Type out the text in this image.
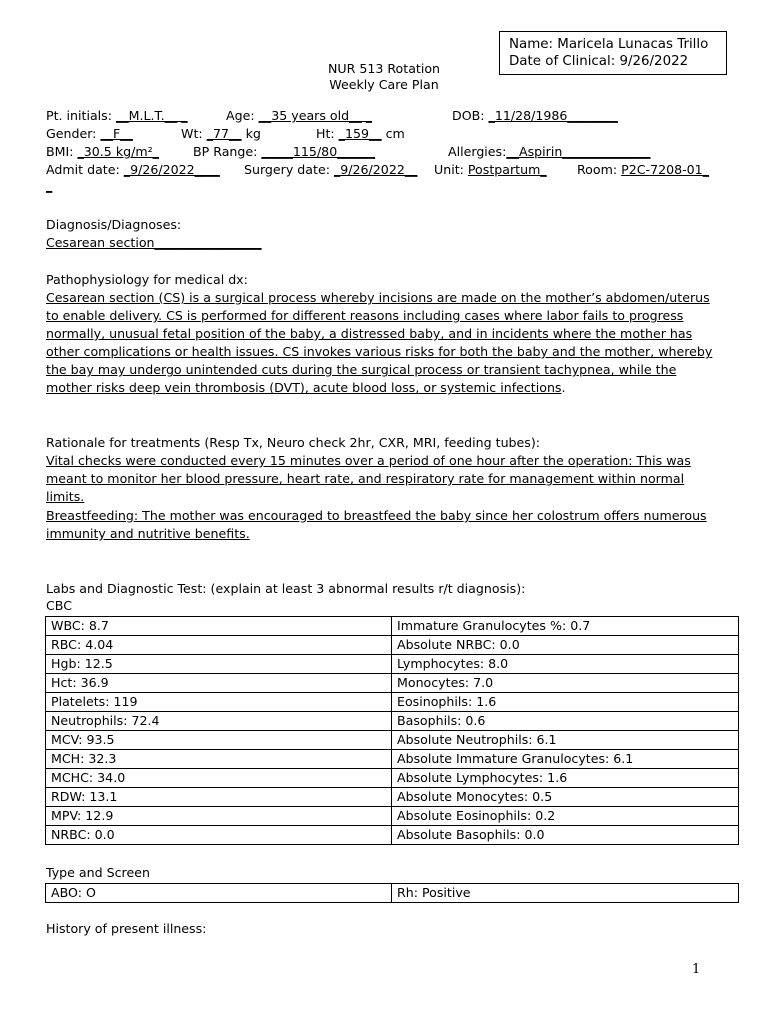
Name: Maricela Lunacas Trillo
Date of Clinical: 9/26/2022
NUR 513 Rotation
Weekly Care Plan
Pt. initials: __M.L.T.__ _	Age: __35 years old__ _	DOB: _11/28/1986________
Gender: __F__	Wt: _77__ kg	Ht: _159__ cm
BMI: _30.5 kg/m²_	BP Range: _____115/80______	Allergies:__Aspirin______________
Admit date: _9/26/2022____ Surgery date: _9/26/2022__ Unit: Postpartum_ Room: P2C-7208-01_
_
Diagnosis/Diagnoses:
Cesarean section_________________
Pathophysiology for medical dx:
Cesarean section (CS) is a surgical process whereby incisions are made on the mother’s abdomen/uterus to enable delivery. CS is performed for different reasons including cases where labor fails to progress normally, unusual fetal position of the baby, a distressed baby, and in incidents where the mother has other complications or health issues. CS invokes various risks for both the baby and the mother, whereby the bay may undergo unintended cuts during the surgical process or transient tachypnea, while the mother risks deep vein thrombosis (DVT), acute blood loss, or systemic infections.
Rationale for treatments (Resp Tx, Neuro check 2hr, CXR, MRI, feeding tubes):
Vital checks were conducted every 15 minutes over a period of one hour after the operation: This was meant to monitor her blood pressure, heart rate, and respiratory rate for management within normal limits.
Breastfeeding: The mother was encouraged to breastfeed the baby since her colostrum offers numerous immunity and nutritive benefits.
Labs and Diagnostic Test: (explain at least 3 abnormal results r/t diagnosis):
CBC
WBC: 8.7	Immature Granulocytes %: 0.7
RBC: 4.04	Absolute NRBC: 0.0
Hgb: 12.5	Lymphocytes: 8.0
Hct: 36.9	Monocytes: 7.0
Platelets: 119	Eosinophils: 1.6
Neutrophils: 72.4	Basophils: 0.6
MCV: 93.5	Absolute Neutrophils: 6.1
MCH: 32.3	Absolute Immature Granulocytes: 6.1
MCHC: 34.0	Absolute Lymphocytes: 1.6
RDW: 13.1	Absolute Monocytes: 0.5
MPV: 12.9	Absolute Eosinophils: 0.2
NRBC: 0.0	Absolute Basophils: 0.0
Type and Screen
ABO: O	Rh: Positive
History of present illness:
1
